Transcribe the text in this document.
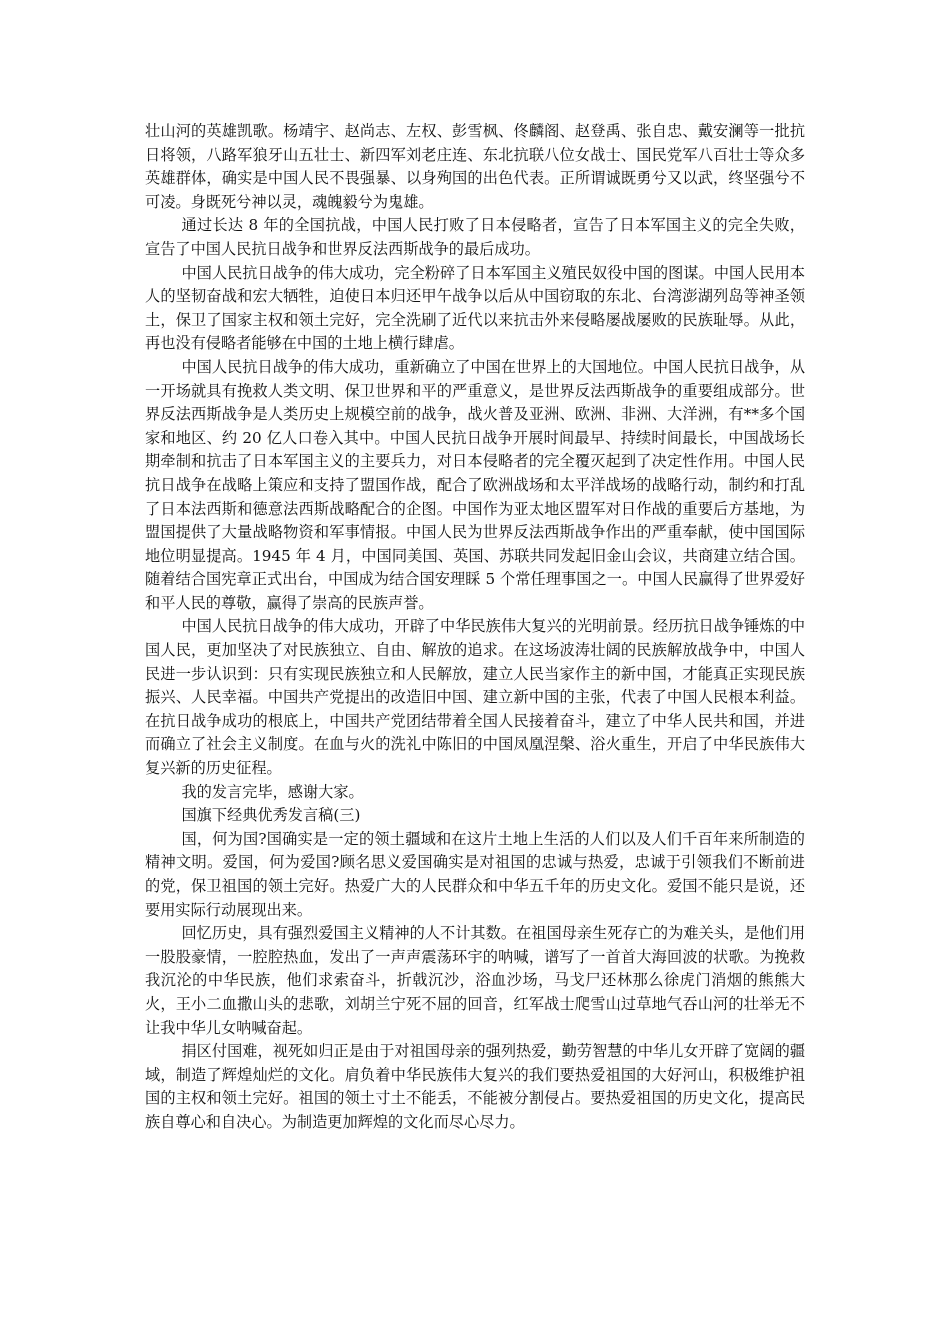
壮山河的英雄凯歌。杨靖宇、赵尚志、左权、彭雪枫、佟麟阁、赵登禹、张自忠、戴安澜等一批抗日将领，八路军狼牙山五壮士、新四军刘老庄连、东北抗联八位女战士、国民党军八百壮士等众多英雄群体，确实是中国人民不畏强暴、以身殉国的出色代表。正所谓诚既勇兮又以武，终坚强兮不可凌。身既死兮神以灵，魂魄毅兮为鬼雄。

通过长达 8 年的全国抗战，中国人民打败了日本侵略者，宣告了日本军国主义的完全失败，宣告了中国人民抗日战争和世界反法西斯战争的最后成功。

中国人民抗日战争的伟大成功，完全粉碎了日本军国主义殖民奴役中国的图谋。中国人民用本人的坚韧奋战和宏大牺牲，迫使日本归还甲午战争以后从中国窃取的东北、台湾澎湖列岛等神圣领土，保卫了国家主权和领土完好，完全洗刷了近代以来抗击外来侵略屡战屡败的民族耻辱。从此，再也没有侵略者能够在中国的土地上横行肆虐。

中国人民抗日战争的伟大成功，重新确立了中国在世界上的大国地位。中国人民抗日战争，从一开场就具有挽救人类文明、保卫世界和平的严重意义，是世界反法西斯战争的重要组成部分。世界反法西斯战争是人类历史上规模空前的战争，战火普及亚洲、欧洲、非洲、大洋洲，有**多个国家和地区、约 20 亿人口卷入其中。中国人民抗日战争开展时间最早、持续时间最长，中国战场长期牵制和抗击了日本军国主义的主要兵力，对日本侵略者的完全覆灭起到了决定性作用。中国人民抗日战争在战略上策应和支持了盟国作战，配合了欧洲战场和太平洋战场的战略行动，制约和打乱了日本法西斯和德意法西斯战略配合的企图。中国作为亚太地区盟军对日作战的重要后方基地，为盟国提供了大量战略物资和军事情报。中国人民为世界反法西斯战争作出的严重奉献，使中国国际地位明显提高。1945 年 4 月，中国同美国、英国、苏联共同发起旧金山会议，共商建立结合国。随着结合国宪章正式出台，中国成为结合国安理睬 5 个常任理事国之一。中国人民赢得了世界爱好和平人民的尊敬，赢得了崇高的民族声誉。

中国人民抗日战争的伟大成功，开辟了中华民族伟大复兴的光明前景。经历抗日战争锤炼的中国人民，更加坚决了对民族独立、自由、解放的追求。在这场波涛壮阔的民族解放战争中，中国人民进一步认识到：只有实现民族独立和人民解放，建立人民当家作主的新中国，才能真正实现民族振兴、人民幸福。中国共产党提出的改造旧中国、建立新中国的主张，代表了中国人民根本利益。在抗日战争成功的根底上，中国共产党团结带着全国人民接着奋斗，建立了中华人民共和国，并进而确立了社会主义制度。在血与火的洗礼中陈旧的中国凤凰涅槃、浴火重生，开启了中华民族伟大复兴新的历史征程。

我的发言完毕，感谢大家。

国旗下经典优秀发言稿(三)

国，何为国?国确实是一定的领土疆域和在这片土地上生活的人们以及人们千百年来所制造的精神文明。爱国，何为爱国?顾名思义爱国确实是对祖国的忠诚与热爱，忠诚于引领我们不断前进的党，保卫祖国的领土完好。热爱广大的人民群众和中华五千年的历史文化。爱国不能只是说，还要用实际行动展现出来。

回忆历史，具有强烈爱国主义精神的人不计其数。在祖国母亲生死存亡的为难关头，是他们用一股股豪情，一腔腔热血，发出了一声声震荡环宇的呐喊，谱写了一首首大海回波的状歌。为挽救我沉沦的中华民族，他们求索奋斗，折戟沉沙，浴血沙场，马戈尸还林那么徐虎门消烟的熊熊大火，王小二血撒山头的悲歌，刘胡兰宁死不屈的回音，红军战士爬雪山过草地气吞山河的壮举无不让我中华儿女呐喊奋起。

捐区付国难，视死如归正是由于对祖国母亲的强列热爱，勤劳智慧的中华儿女开辟了宽阔的疆域，制造了辉煌灿烂的文化。肩负着中华民族伟大复兴的我们要热爱祖国的大好河山，积极维护祖国的主权和领土完好。祖国的领土寸土不能丢，不能被分割侵占。要热爱祖国的历史文化，提高民族自尊心和自决心。为制造更加辉煌的文化而尽心尽力。
